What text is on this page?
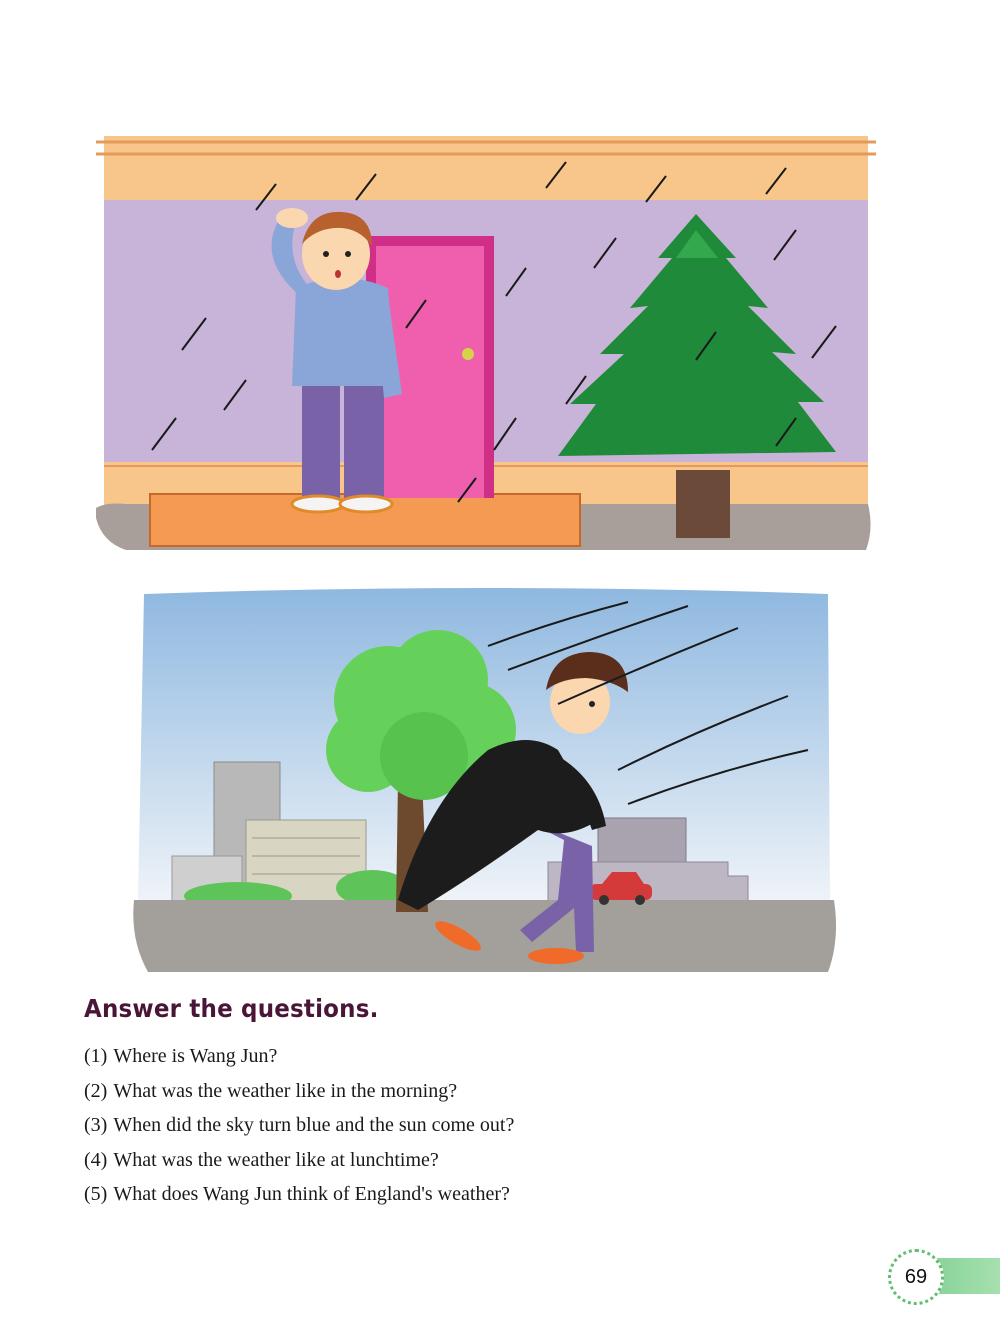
Answer the questions.
(1) Where is Wang Jun?
(2) What was the weather like in the morning?
(3) When did the sky turn blue and the sun come out?
(4) What was the weather like at lunchtime?
(5) What does Wang Jun think of England's weather?
69
